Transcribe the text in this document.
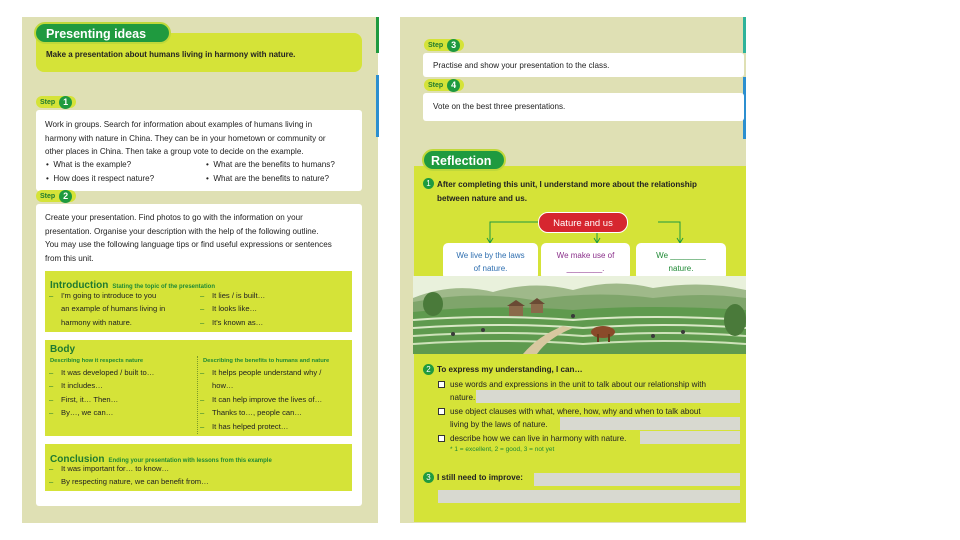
Presenting ideas
Make a presentation about humans living in harmony with nature.
Step 1
Work in groups. Search for information about examples of humans living in
harmony with nature in China. They can be in your hometown or community or
other places in China. Then take a group vote to decide on the example.
•  What is the example?	•  What are the benefits to humans?
•  How does it respect nature?	•  What are the benefits to nature?
Step 2
Create your presentation. Find photos to go with the information on your
presentation. Organise your description with the help of the following outline.
You may use the following language tips or find useful expressions or sentences
from this unit.
Introduction Stating the topic of the presentation
– I'm going to introduce to you
an example of humans living in
harmony with nature.
– It lies / is built…
– It looks like…
– It's known as…
Body
Describing how it respects nature	Describing the benefits to humans and nature
– It was developed / built to…
– It includes…
– First, it… Then…
– By…, we can…
– It helps people understand why /
how…
– It can help improve the lives of…
– Thanks to…, people can…
– It has helped protect…
Conclusion Ending your presentation with lessons from this example
– It was important for… to know…
– By respecting nature, we can benefit from…
Step 3
Practise and show your presentation to the class.
Step 4
Vote on the best three presentations.
Reflection
1 After completing this unit, I understand more about the relationship
between nature and us.
Nature and us
We live by the laws
of nature.
We make use of
________.
We ________
nature.
2 To express my understanding, I can…
use words and expressions in the unit to talk about our relationship with
nature.
use object clauses with what, where, how, why and when to talk about
living by the laws of nature.
describe how we can live in harmony with nature.
* 1 = excellent, 2 = good, 3 = not yet
3 I still need to improve:
